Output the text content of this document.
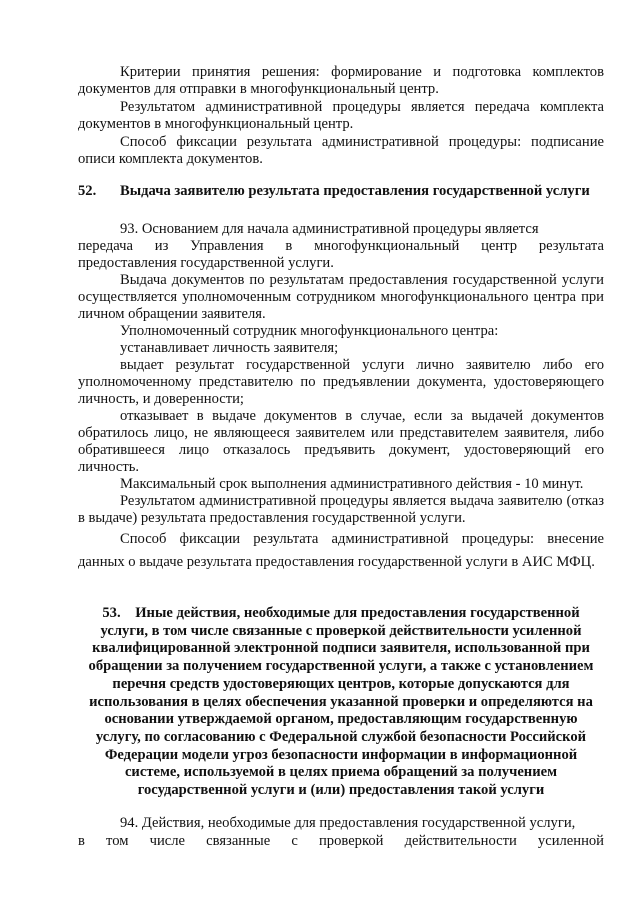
Критерии принятия решения: формирование и подготовка комплектов документов для отправки в многофункциональный центр.

Результатом административной процедуры является передача комплекта документов в многофункциональный центр.

Способ фиксации результата административной процедуры: подписание описи комплекта документов.

52. Выдача заявителю результата предоставления государственной услуги
93. Основанием для начала административной процедуры является
передача из Управления в многофункциональный центр результата
предоставления государственной услуги.

Выдача документов по результатам предоставления государственной услуги осуществляется уполномоченным сотрудником многофункционального центра при личном обращении заявителя.

Уполномоченный сотрудник многофункционального центра:

устанавливает личность заявителя;

выдает результат государственной услуги лично заявителю либо его уполномоченному представителю по предъявлении документа, удостоверяющего личность, и доверенности;

отказывает в выдаче документов в случае, если за выдачей документов обратилось лицо, не являющееся заявителем или представителем заявителя, либо обратившееся лицо отказалось предъявить документ, удостоверяющий его личность.

Максимальный срок выполнения административного действия - 10 минут.

Результатом административной процедуры является выдача заявителю (отказ в выдаче) результата предоставления государственной услуги.

Способ фиксации результата административной процедуры: внесение данных о выдаче результата предоставления государственной услуги в АИС МФЦ.

53. Иные действия, необходимые для предоставления государственной
услуги, в том числе связанные с проверкой действительности усиленной
квалифицированной электронной подписи заявителя, использованной при
обращении за получением государственной услуги, а также с установлением
перечня средств удостоверяющих центров, которые допускаются для
использования в целях обеспечения указанной проверки и определяются на
основании утверждаемой органом, предоставляющим государственную
услугу, по согласованию с Федеральной службой безопасности Российской
Федерации модели угроз безопасности информации в информационной
системе, используемой в целях приема обращений за получением
государственной услуги и (или) предоставления такой услуги
94. Действия, необходимые для предоставления государственной услуги,
в том числе связанные с проверкой действительности усиленной
